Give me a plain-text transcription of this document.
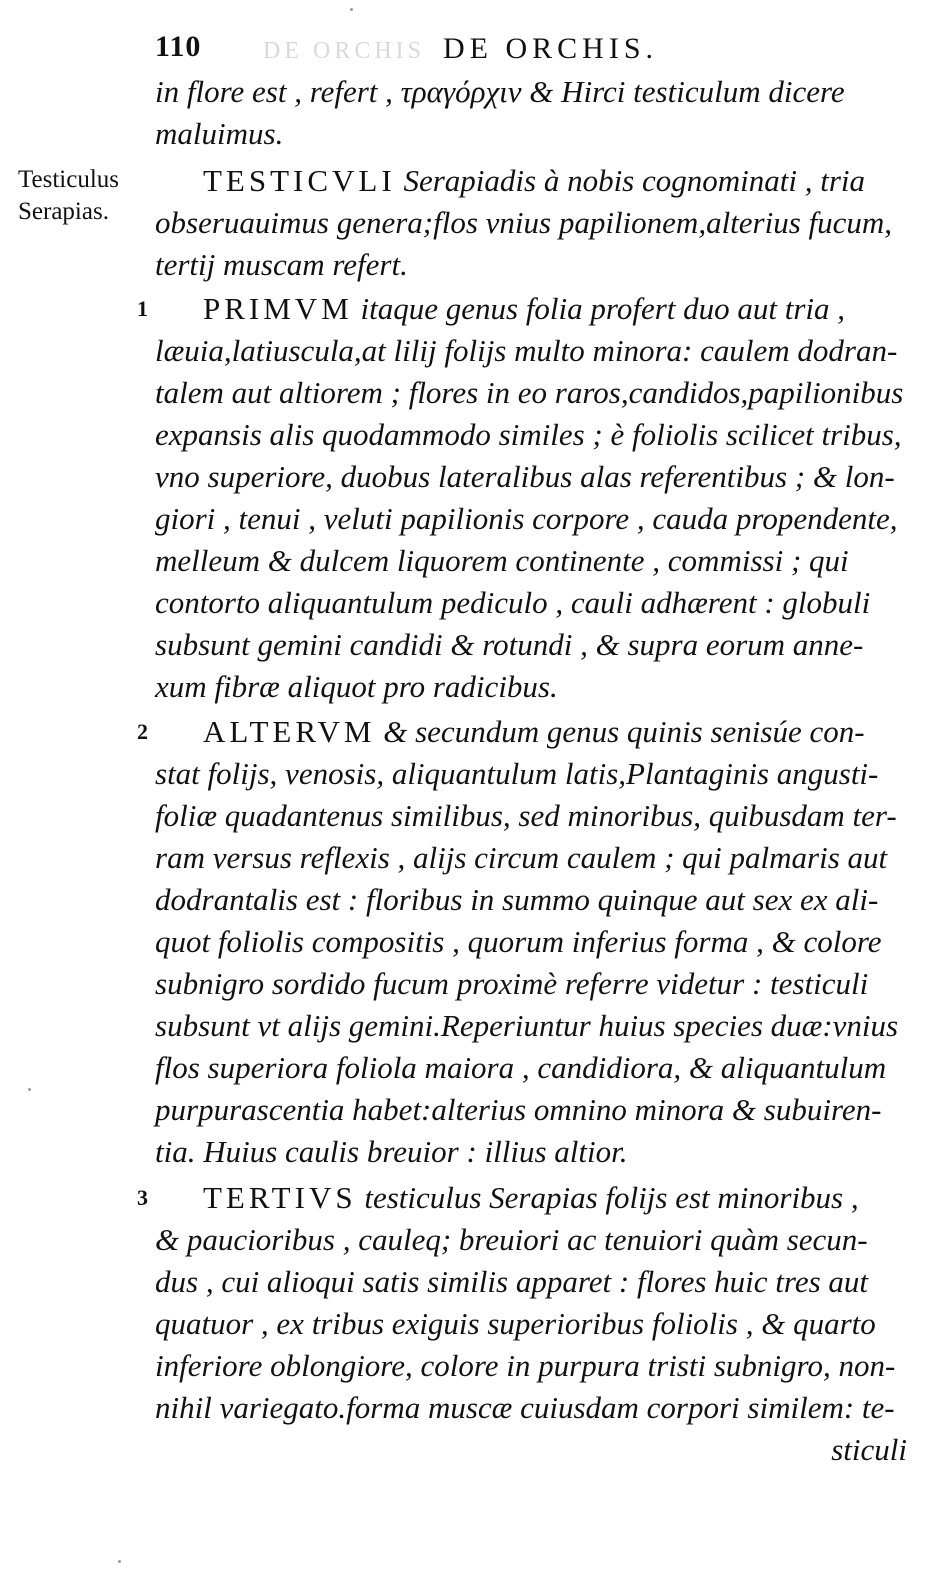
110	DE ORCHIS DE ORCHIS.
Testiculus
Serapias.
in flore est , refert , τραγόρχιν & Hirci testiculum dicere
maluimus.
TESTICVLI Serapiadis à nobis cognominati , tria
obseruauimus genera;flos vnius papilionem,alterius fucum,
tertij muscam refert.
1 PRIMVM itaque genus folia profert duo aut tria ,
læuia,latiuscula,at lilij folijs multo minora: caulem dodran-
talem aut altiorem ; flores in eo raros,candidos,papilionibus
expansis alis quodammodo similes ; è foliolis scilicet tribus,
vno superiore, duobus lateralibus alas referentibus ; & lon-
giori , tenui , veluti papilionis corpore , cauda propendente,
melleum & dulcem liquorem continente , commissi ; qui
contorto aliquantulum pediculo , cauli adhærent : globuli
subsunt gemini candidi & rotundi , & supra eorum anne-
xum fibræ aliquot pro radicibus.
2 ALTERVM & secundum genus quinis senisúe con-
stat folijs, venosis, aliquantulum latis,Plantaginis angusti-
foliæ quadantenus similibus, sed minoribus, quibusdam ter-
ram versus reflexis , alijs circum caulem ; qui palmaris aut
dodrantalis est : floribus in summo quinque aut sex ex ali-
quot foliolis compositis , quorum inferius forma , & colore
subnigro sordido fucum proximè referre videtur : testiculi
subsunt vt alijs gemini.Reperiuntur huius species duæ:vnius
flos superiora foliola maiora , candidiora, & aliquantulum
purpurascentia habet:alterius omnino minora & subuiren-
tia. Huius caulis breuior : illius altior.
3 TERTIVS testiculus Serapias folijs est minoribus ,
& paucioribus , cauleq; breuiori ac tenuiori quàm secun-
dus , cui alioqui satis similis apparet : flores huic tres aut
quatuor , ex tribus exiguis superioribus foliolis , & quarto
inferiore oblongiore, colore in purpura tristi subnigro, non-
nihil variegato.forma muscæ cuiusdam corpori similem: te-
sticuli
